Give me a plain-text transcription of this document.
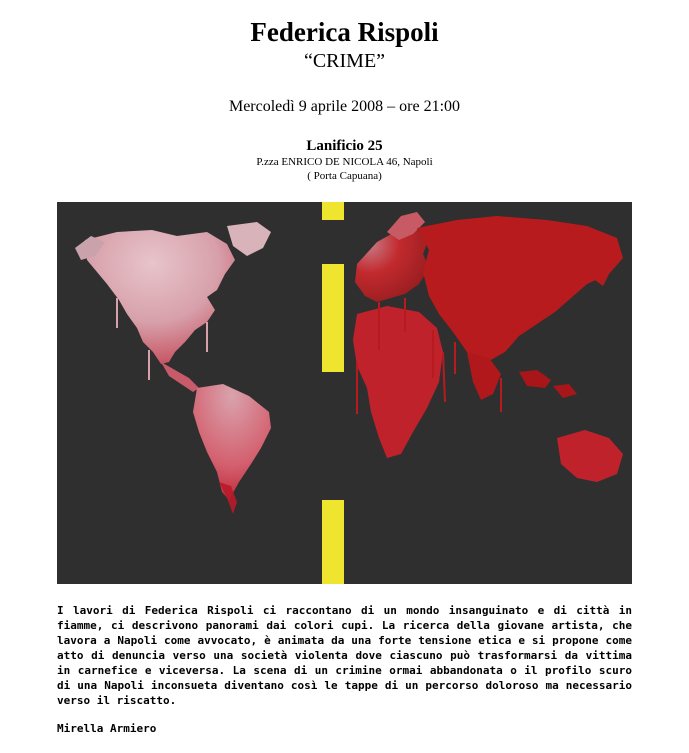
Federica Rispoli
“CRIME”
Mercoledì 9 aprile 2008 – ore 21:00
Lanificio 25
P.zza ENRICO DE NICOLA 46, Napoli
( Porta Capuana)

I lavori di Federica Rispoli ci raccontano di un mondo insanguinato e di città in fiamme, ci descrivono panorami dai colori cupi. La ricerca della giovane artista, che lavora a Napoli come avvocato, è animata da una forte tensione etica e si propone come atto di denuncia verso una società violenta dove ciascuno può trasformarsi da vittima in carnefice e viceversa. La scena di un crimine ormai abbandonata o il profilo scuro di una Napoli inconsueta diventano così le tappe di un percorso doloroso ma necessario verso il riscatto.

Mirella Armiero
